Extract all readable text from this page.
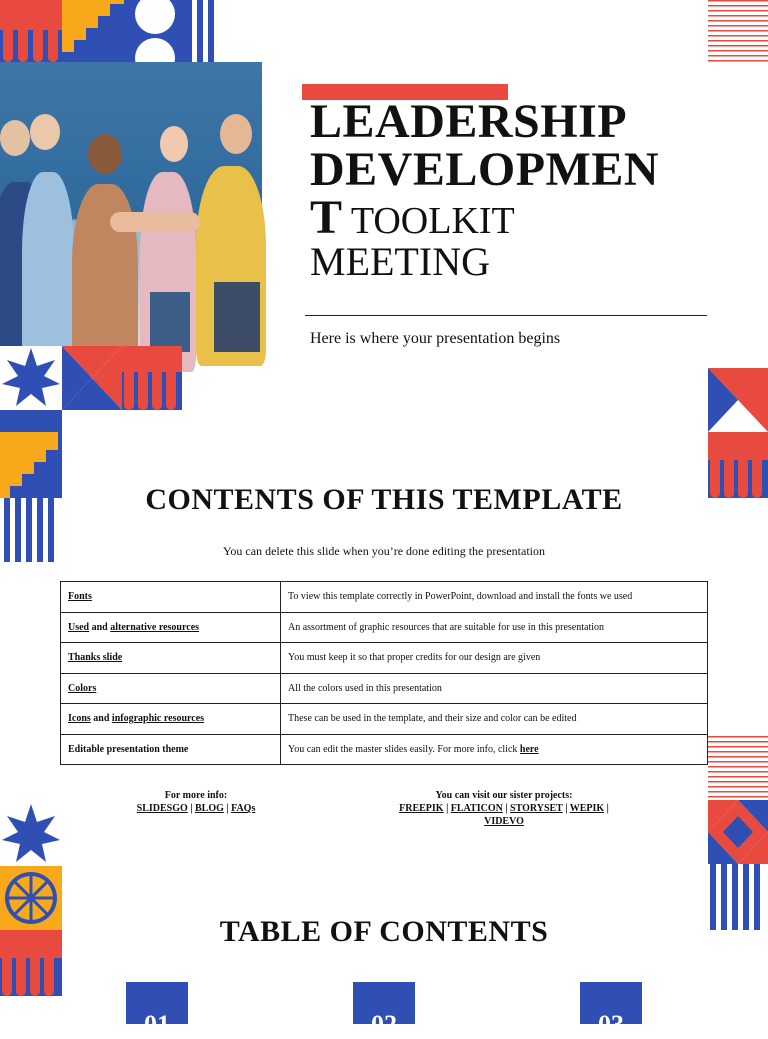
LEADERSHIP
DEVELOPMEN
T TOOLKIT
MEETING
Here is where your presentation begins
CONTENTS OF THIS TEMPLATE
You can delete this slide when you’re done editing the presentation
Fonts	To view this template correctly in PowerPoint, download and install the fonts we used
Used and alternative resources	An assortment of graphic resources that are suitable for use in this presentation
Thanks slide	You must keep it so that proper credits for our design are given
Colors	All the colors used in this presentation
Icons and infographic resources	These can be used in the template, and their size and color can be edited
Editable presentation theme	You can edit the master slides easily. For more info, click here
For more info:
SLIDESGO | BLOG | FAQs
You can visit our sister projects:
FREEPIK | FLATICON | STORYSET | WEPIK |
VIDEVO
TABLE OF CONTENTS
01	02	03
